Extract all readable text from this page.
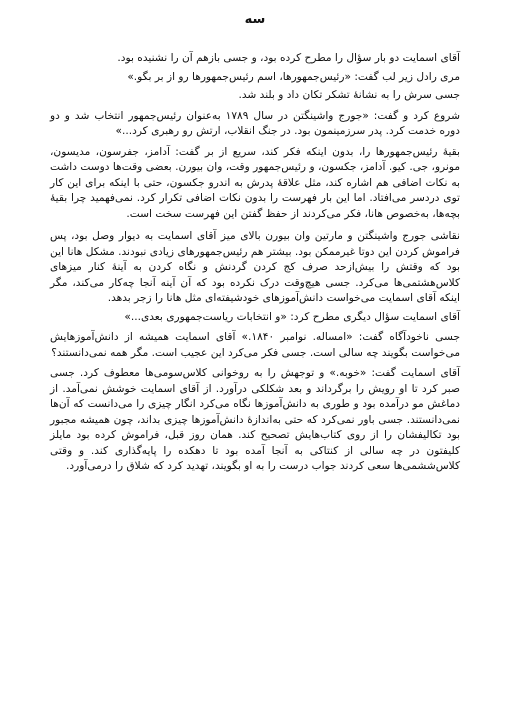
سه

آقای اسمایت دو بار سؤال را مطرح کرده بود، و جسی بازهم آن را نشنیده بود.

مری رادل زیر لب گفت: «رئیس‌جمهورها، اسم رئیس‌جمهورها رو از بر بگو.»

جسی سرش را به نشانهٔ تشکر تکان داد و بلند شد.

شروع کرد و گفت: «جورج واشینگتن در سال ۱۷۸۹ به‌عنوان رئیس‌جمهور انتخاب شد و دو دوره خدمت کرد. پدر سرزمینمون بود. در جنگ انقلاب، ارتش رو رهبری کرد...»

بقیهٔ رئیس‌جمهورها را، بدون اینکه فکر کند، سریع از بر گفت: آدامز، جفرسون، مدیسون، مونرو، جی. کیو. آدامز، جکسون، و رئیس‌جمهور وقت، وان بیورن. بعضی وقت‌ها دوست داشت به نکات اضافی هم اشاره کند، مثل علاقهٔ پدرش به اندرو جکسون، حتی با اینکه برای این کار توی دردسر می‌افتاد. اما این بار فهرست را بدون نکات اضافی تکرار کرد. نمی‌فهمید چرا بقیهٔ بچه‌ها، به‌خصوص هانا، فکر می‌کردند از حفظ گفتن این فهرست سخت است.

نقاشی جورج واشینگتن و مارتین وان بیورن بالای میز آقای اسمایت به دیوار وصل بود، پس فراموش کردن این دوتا غیرممکن بود. بیشتر هم رئیس‌جمهورهای زیادی نبودند. مشکل هانا این بود که وقتش را بیش‌ازحد صرف کج کردن گردنش و نگاه کردن به آینهٔ کنار میزهای کلاس‌هشتمی‌ها می‌کرد. جسی هیچ‌وقت درک نکرده بود که آن آینه آنجا چه‌کار می‌کند، مگر اینکه آقای اسمایت می‌خواست دانش‌آموزهای خودشیفته‌ای مثل هانا را زجر بدهد.

آقای اسمایت سؤال دیگری مطرح کرد: «و انتخابات ریاست‌جمهوری بعدی...»

جسی ناخودآگاه گفت: «امساله. نوامبر ۱۸۴۰.» آقای اسمایت همیشه از دانش‌آموزهایش می‌خواست بگویند چه سالی است. جسی فکر می‌کرد این عجیب است. مگر همه نمی‌دانستند؟

آقای اسمایت گفت: «خوبه.» و توجهش را به روخوانی کلاس‌سومی‌ها معطوف کرد. جسی صبر کرد تا او رویش را برگرداند و بعد شکلکی درآورد. از آقای اسمایت خوشش نمی‌آمد. از دماغش مو درآمده بود و طوری به دانش‌آموزها نگاه می‌کرد انگار چیزی را می‌دانست که آن‌ها نمی‌دانستند. جسی باور نمی‌کرد که حتی به‌اندازهٔ دانش‌آموزها چیزی بداند، چون همیشه مجبور بود تکالیفشان را از روی کتاب‌هایش تصحیح کند. همان روز قبل، فراموش کرده بود مایلز کلیفتون در چه سالی از کنتاکی به آنجا آمده بود تا دهکده را پایه‌گذاری کند. و وقتی کلاس‌ششمی‌ها سعی کردند جواب درست را به او بگویند، تهدید کرد که شلاق را درمی‌آورد.
